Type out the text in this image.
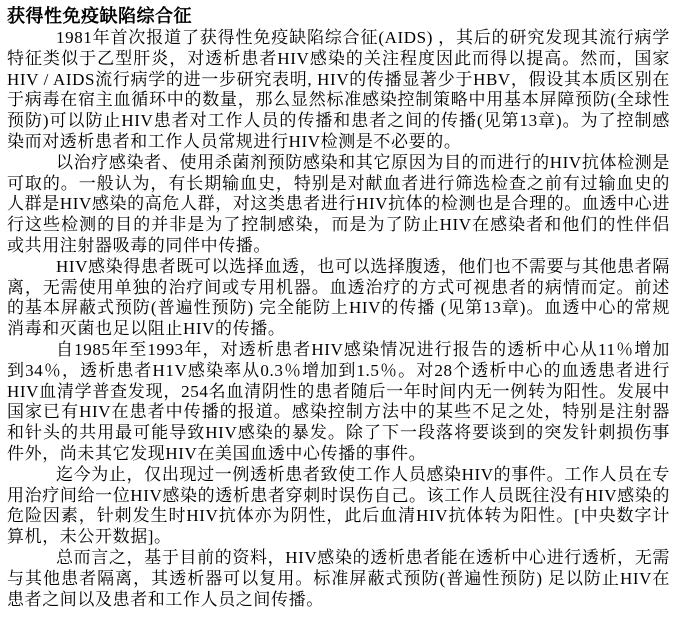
获得性免疫缺陷综合征

1981年首次报道了获得性免疫缺陷综合征(AIDS) ，其后的研究发现其流行病学特征类似于乙型肝炎，对透析患者HIV感染的关注程度因此而得以提高。然而，国家HIV / AIDS流行病学的进一步研究表明, HIV的传播显著少于HBV，假设其本质区别在于病毒在宿主血循环中的数量，那么显然标准感染控制策略中用基本屏障预防(全球性预防)可以防止HIV患者对工作人员的传播和患者之间的传播(见第13章)。为了控制感染而对透析患者和工作人员常规进行HIV检测是不必要的。

以治疗感染者、使用杀菌剂预防感染和其它原因为目的而进行的HIV抗体检测是可取的。一般认为，有长期输血史，特别是对献血者进行筛选检查之前有过输血史的人群是HIV感染的高危人群，对这类患者进行HIV抗体的检测也是合理的。血透中心进行这些检测的目的并非是为了控制感染，而是为了防止HIV在感染者和他们的性伴侣或共用注射器吸毒的同伴中传播。

HIV感染得患者既可以选择血透，也可以选择腹透，他们也不需要与其他患者隔离，无需使用单独的治疗间或专用机器。血透治疗的方式可视患者的病情而定。前述的基本屏蔽式预防(普遍性预防) 完全能防上HIV的传播 (见第13章)。血透中心的常规消毒和灭菌也足以阻止HIV的传播。

自1985年至1993年，对透析患者HIV感染情况进行报告的透析中心从11％增加到34％，透析患者H1V感染率从0.3％增加到1.5％。对28个透析中心的血透患者进行HIV血清学普查发现，254名血清阴性的患者随后一年时间内无一例转为阳性。发展中国家已有HIV在患者中传播的报道。感染控制方法中的某些不足之处，特别是注射器和针头的共用最可能导致HIV感染的暴发。除了下一段落将要谈到的突发针刺损伤事件外，尚未其它发现HIV在美国血透中心传播的事件。

迄今为止，仅出现过一例透析患者致使工作人员感染HIV的事件。工作人员在专用治疗间给一位HIV感染的透析患者穿刺时误伤自己。该工作人员既往没有HIV感染的危险因素，针刺发生时HIV抗体亦为阴性，此后血清HIV抗体转为阳性。[中央数字计算机，未公开数据]。

总而言之，基于目前的资料，HIV感染的透析患者能在透析中心进行透析，无需与其他患者隔离，其透析器可以复用。标准屏蔽式预防(普遍性预防) 足以防止HIV在患者之间以及患者和工作人员之间传播。
